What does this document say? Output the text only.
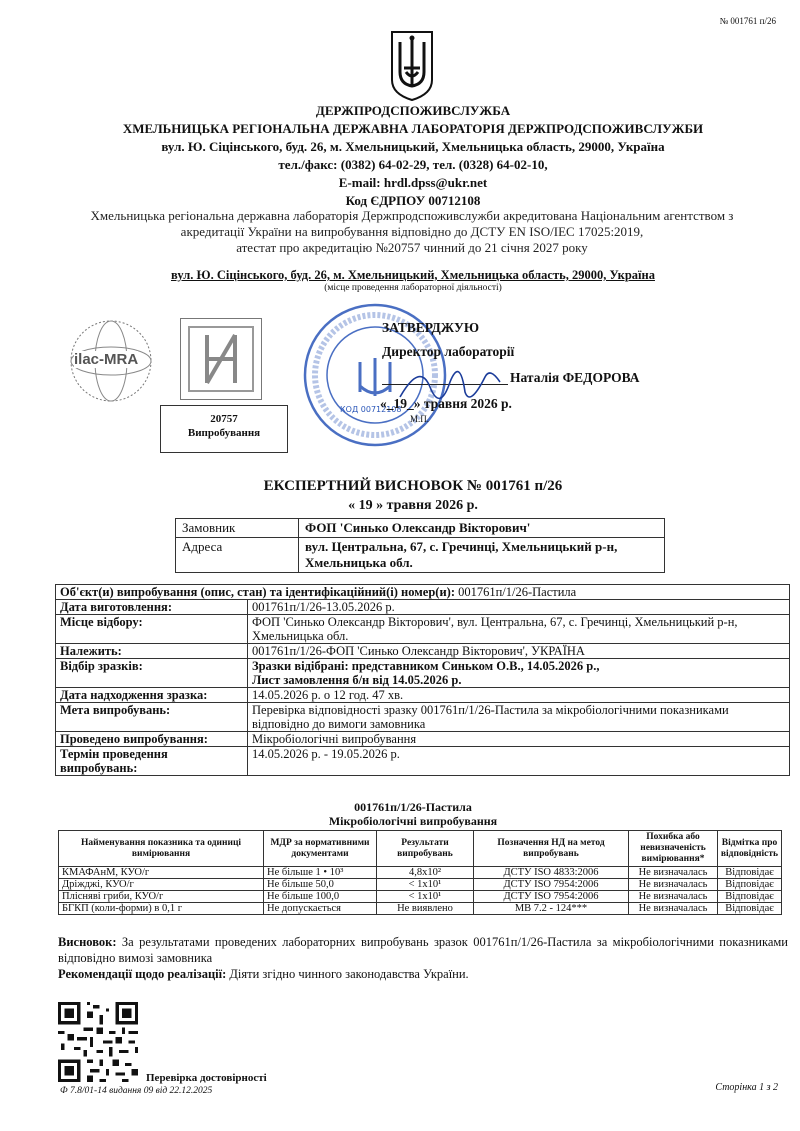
№ 001761 п/26
ДЕРЖПРОДСПОЖИВСЛУЖБА
ХМЕЛЬНИЦЬКА РЕГІОНАЛЬНА ДЕРЖАВНА ЛАБОРАТОРІЯ ДЕРЖПРОДСПОЖИВСЛУЖБИ
вул. Ю. Сіцінського, буд. 26, м. Хмельницький, Хмельницька область, 29000, Україна
тел./факс: (0382) 64-02-29, тел. (0328) 64-02-10,
E-mail: hrdl.dpss@ukr.net
Код ЄДРПОУ 00712108
Хмельницька регіональна державна лабораторія Держпродспоживслужби акредитована Національним агентством з
акредитації України на випробування відповідно до ДСТУ EN ISO/IEC 17025:2019,
атестат про акредитацію №20757 чинний до 21 січня 2027 року
вул. Ю. Сіцінського, буд. 26, м. Хмельницький, Хмельницька область, 29000, Україна
(місце проведення лабораторної діяльності)
ilac-MRA
20757
Випробування
КОД 00712108
ЗАТВЕРДЖУЮ
Директор лабораторії
Наталія ФЕДОРОВА
«_19_» травня 2026 р.
М.П.
ЕКСПЕРТНИЙ ВИСНОВОК № 001761 п/26
« 19 » травня 2026 р.
Замовник	ФОП 'Синько Олександр Вікторович'
Адреса	вул. Центральна, 67, с. Гречинці, Хмельницький р-н, Хмельницька обл.
Об'єкт(и) випробування (опис, стан) та ідентифікаційний(і) номер(и): 001761п/1/26-Пастила	
Дата виготовлення:	001761п/1/26-13.05.2026 р.
Місце відбору:	ФОП 'Синько Олександр Вікторович', вул. Центральна, 67, с. Гречинці, Хмельницький р-н, Хмельницька обл.
Належить:	001761п/1/26-ФОП 'Синько Олександр Вікторович', УКРАЇНА
Відбір зразків:	Зразки відібрані: представником Синьком О.В., 14.05.2026 р.,
Лист замовлення б/н від 14.05.2026 р.

Дата надходження зразка:	14.05.2026 р. о 12 год. 47 хв.
Мета випробувань:	Перевірка відповідності зразку 001761п/1/26-Пастила за мікробіологічними показниками відповідно до вимоги замовника
Проведено випробування:	Мікробіологічні випробування
Термін проведення випробувань:	14.05.2026 р. - 19.05.2026 р.
001761п/1/26-Пастила
Мікробіологічні випробування
Найменування показника та одиниці вимірювання	МДР за нормативними документами	Результати випробувань	Позначення НД на метод випробувань	Похибка або невизначеність вимірювання*	Відмітка про відповідність
КМАФАнМ, КУО/г	Не більше 1 • 10³	4,8х10²	ДСТУ ISO 4833:2006	Не визначалась	Відповідає
Дріжджі, КУО/г	Не більше 50,0	< 1х10¹	ДСТУ ISO 7954:2006	Не визначалась	Відповідає
Плісняві гриби, КУО/г	Не більше 100,0	< 1х10¹	ДСТУ ISO 7954:2006	Не визначалась	Відповідає
БГКП (коли-форми) в 0,1 г	Не допускається	Не виявлено	МВ 7.2 - 124***	Не визначалась	Відповідає
Висновок: За результатами проведених лабораторних випробувань зразок 001761п/1/26-Пастила за мікробіологічними показниками відповідно вимозі замовника
Рекомендації щодо реалізації: Діяти згідно чинного законодавства України.
Перевірка достовірності
Ф 7.8/01-14 видання 09 від 22.12.2025	Сторінка 1 з 2
